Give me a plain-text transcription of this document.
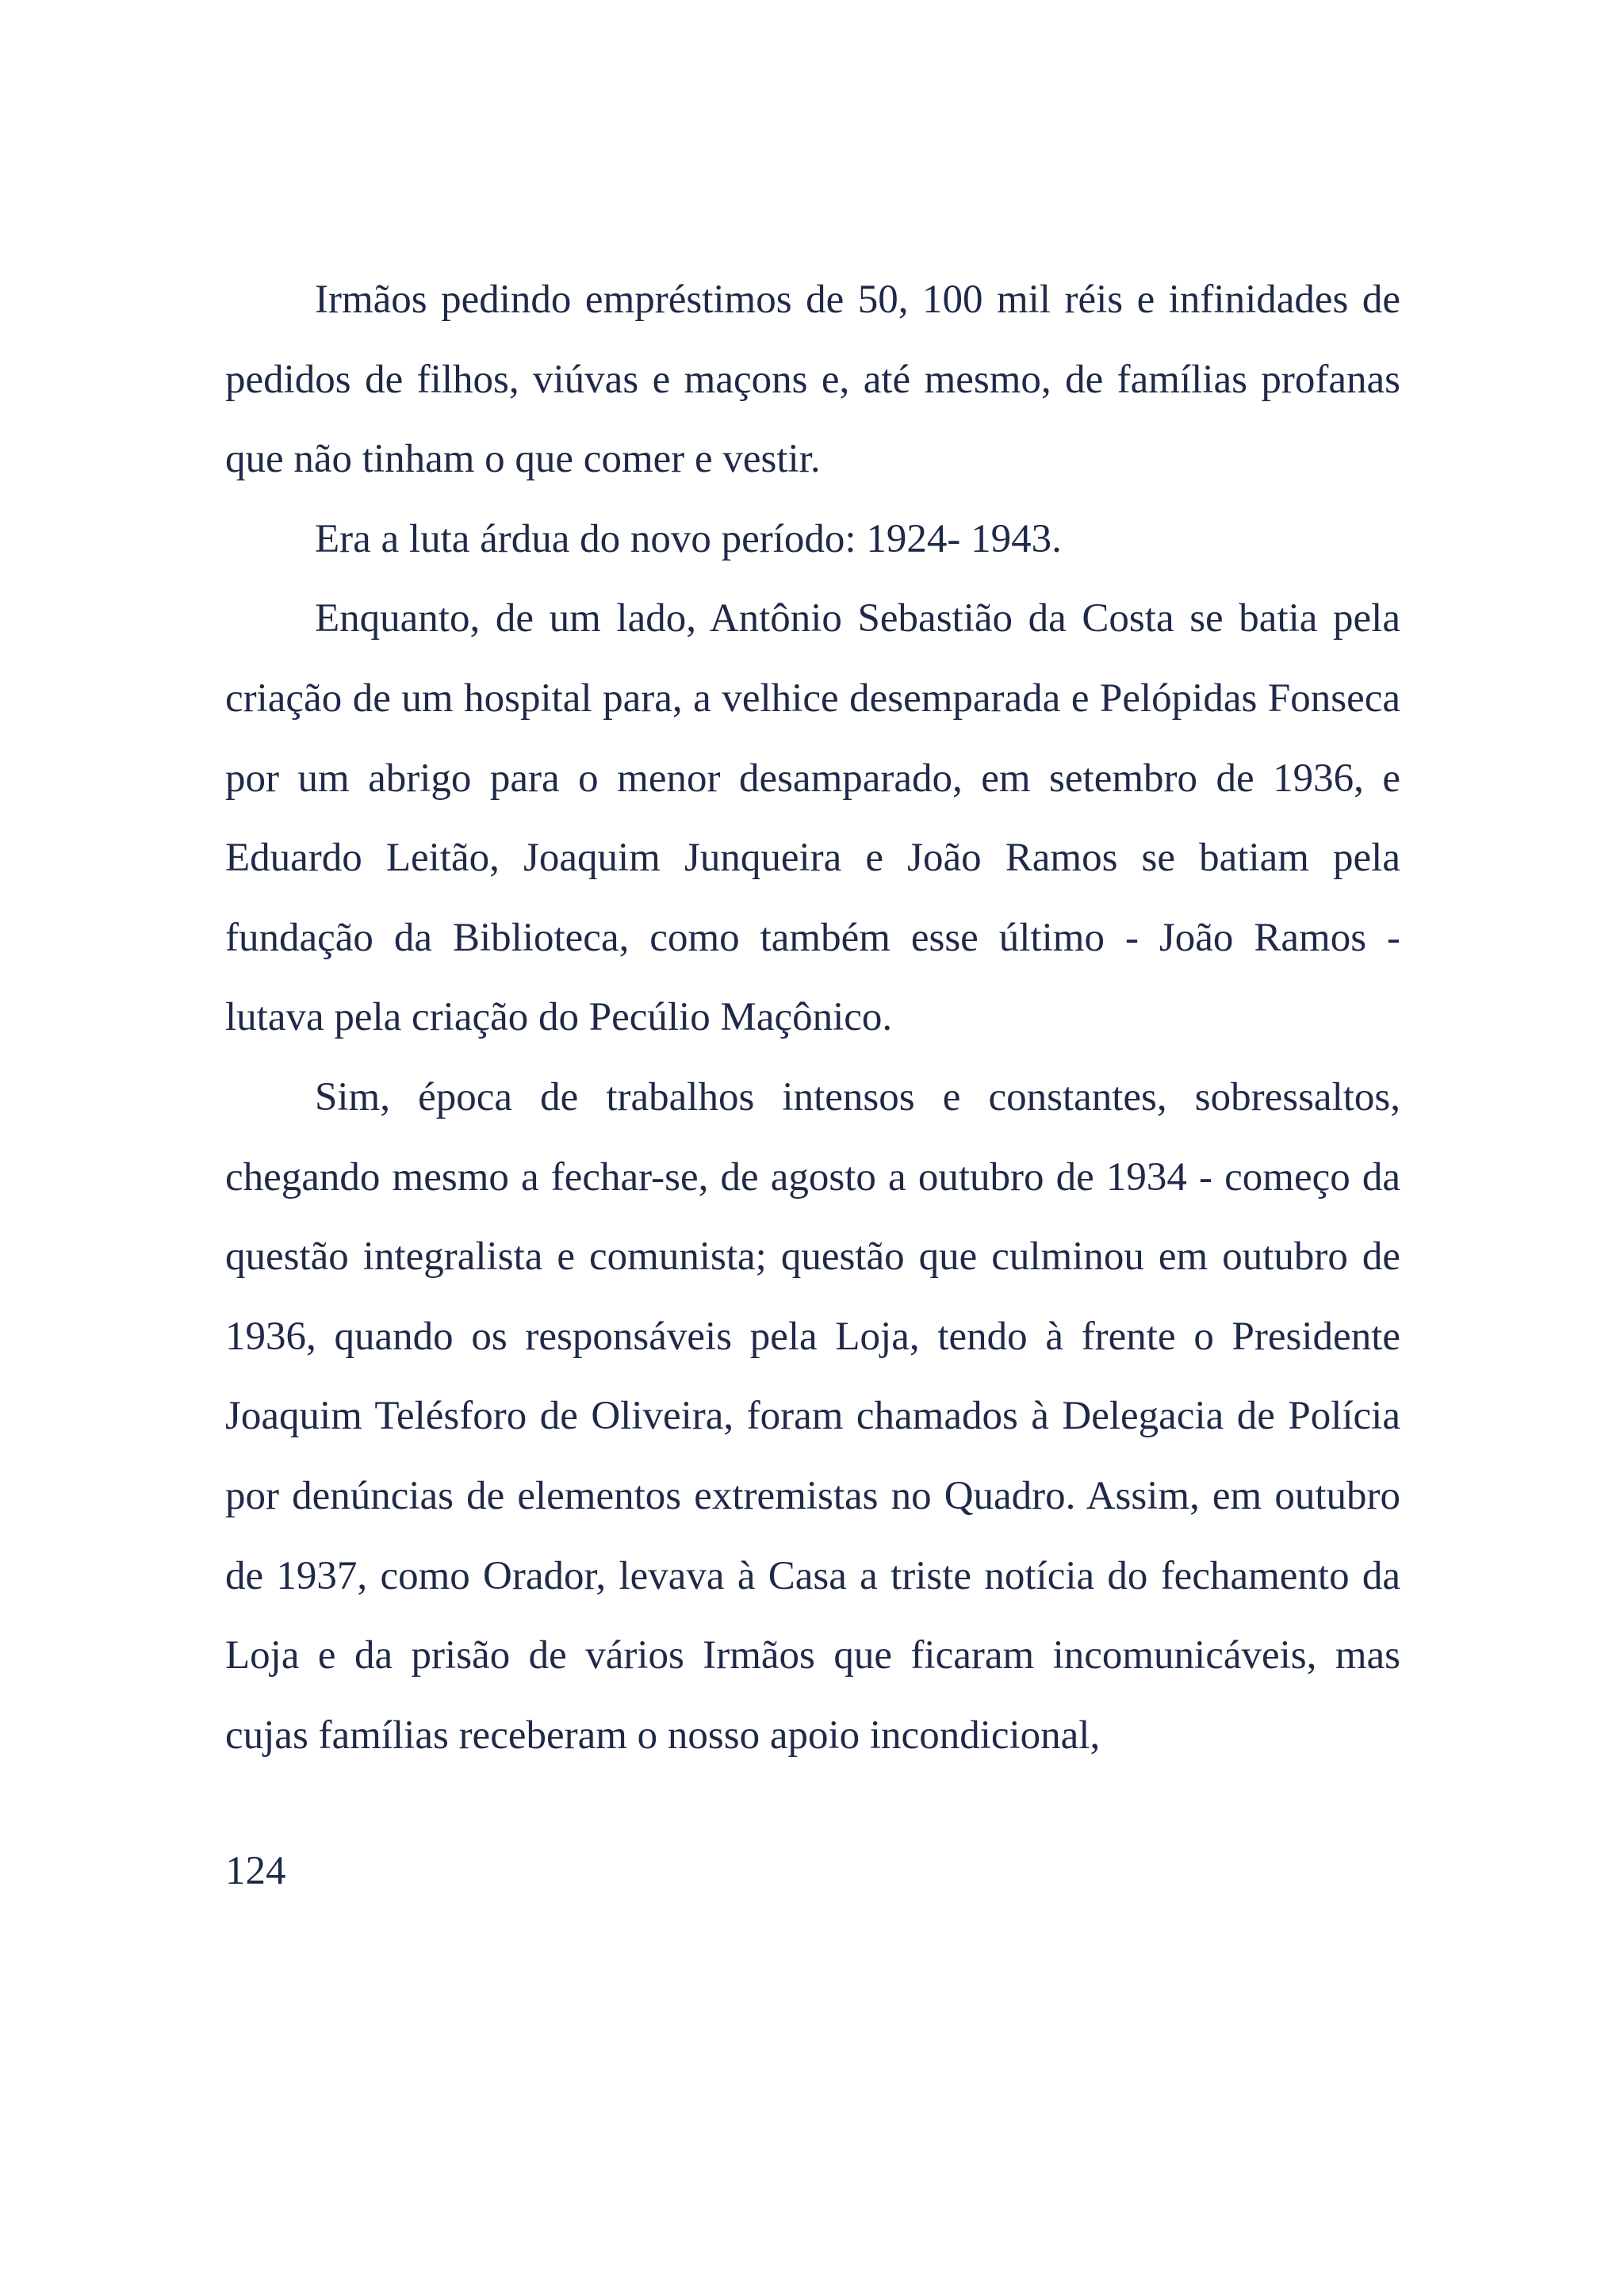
Irmãos pedindo empréstimos de 50, 100 mil réis e infinidades de pedidos de filhos, viúvas e maçons e, até mesmo, de famílias profanas que não tinham o que comer e vestir.

Era a luta árdua do novo período: 1924- 1943.

Enquanto, de um lado, Antônio Sebastião da Costa se batia pela criação de um hospital para, a velhice desemparada e Pelópidas Fonseca por um abrigo para o menor desamparado, em setembro de 1936, e Eduardo Leitão, Joaquim Junqueira e João Ramos se batiam pela fundação da Biblioteca, como também esse último - João Ramos - lutava pela criação do Pecúlio Maçônico.

Sim, época de trabalhos intensos e constantes, sobressaltos, chegando mesmo a fechar-se, de agosto a outubro de 1934 - começo da questão integralista e comunista; questão que culminou em outubro de 1936, quando os responsáveis pela Loja, tendo à frente o Presidente Joaquim Telésforo de Oliveira, foram chamados à Delegacia de Polícia por denúncias de elementos extremistas no Quadro. Assim, em outubro de 1937, como Orador, levava à Casa a triste notícia do fechamento da Loja e da prisão de vários Irmãos que ficaram incomunicáveis, mas cujas famílias receberam o nosso apoio incondicional,

124
